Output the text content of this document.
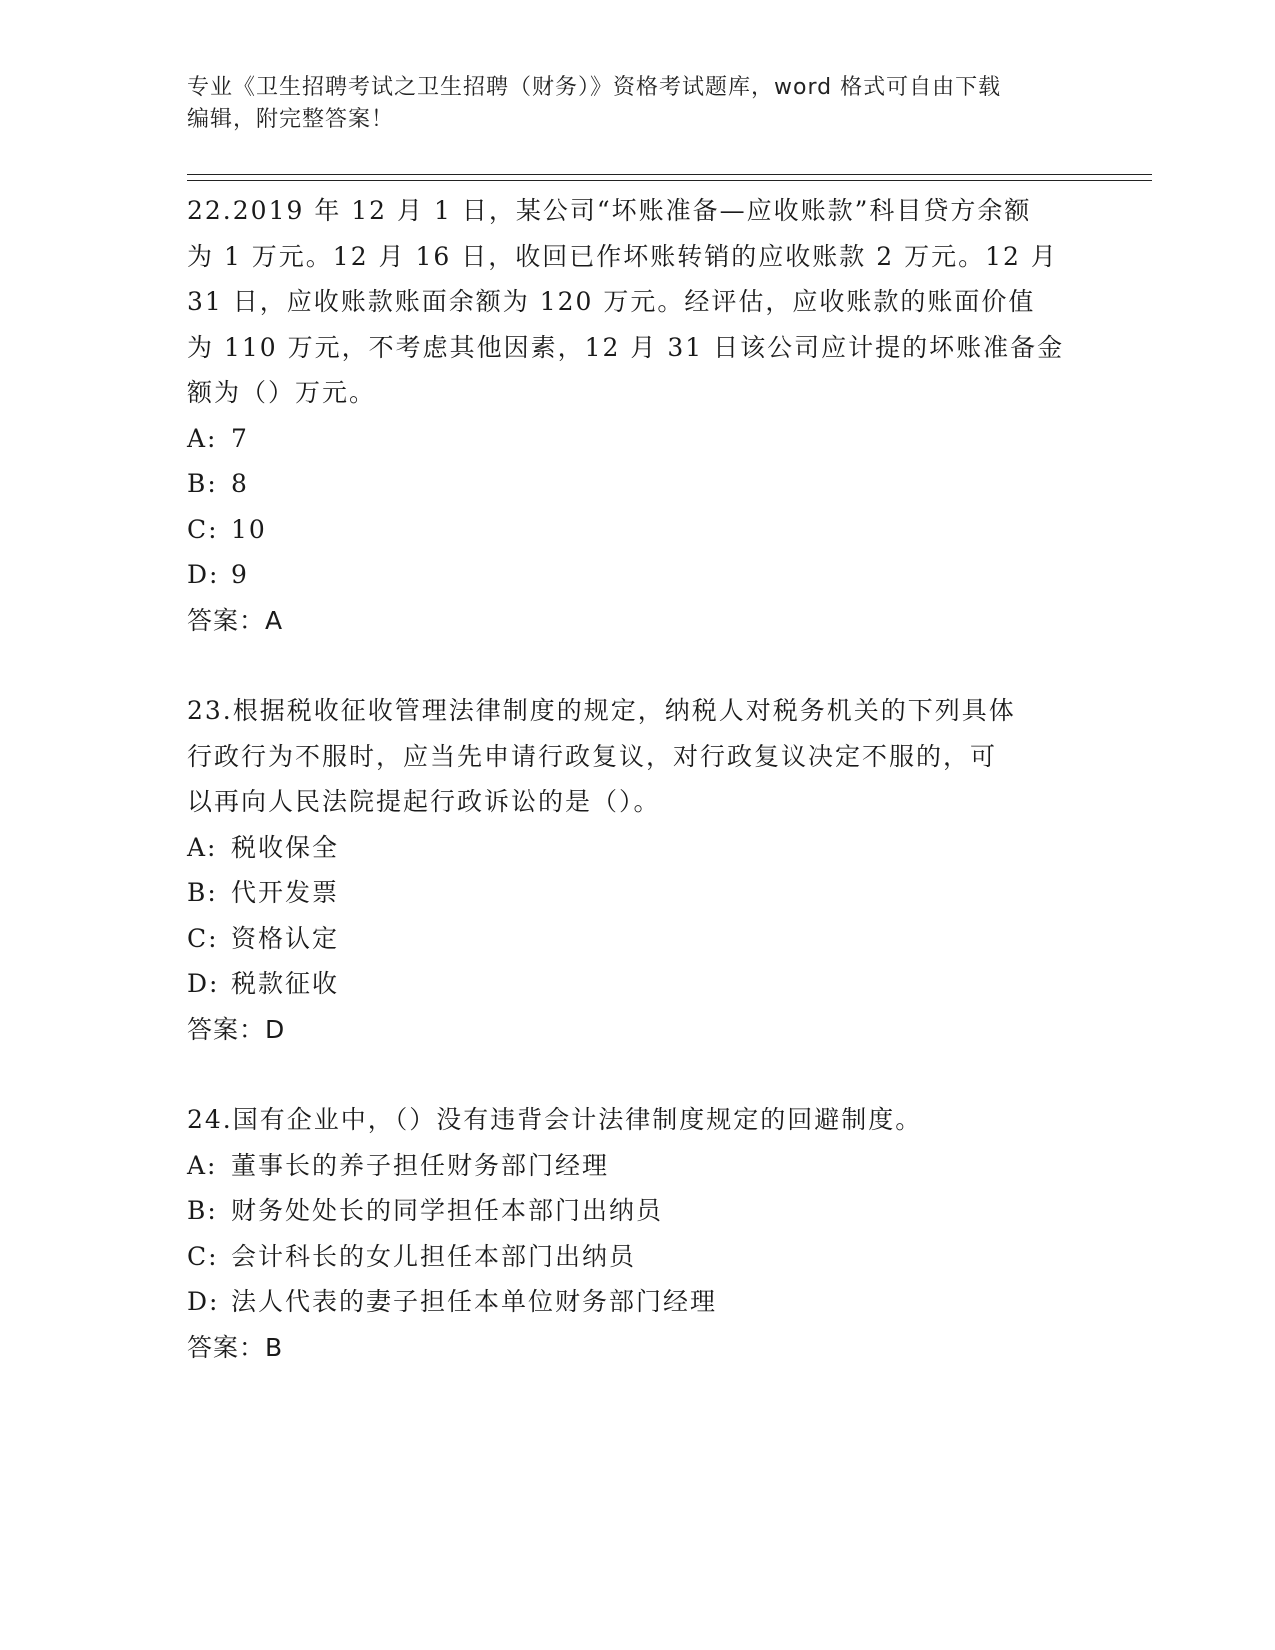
专业《卫生招聘考试之卫生招聘（财务）》资格考试题库，word 格式可自由下载
编辑，附完整答案！
22.2019 年 12 月 1 日，某公司“坏账准备—应收账款”科目贷方余额
为 1 万元。12 月 16 日，收回已作坏账转销的应收账款 2 万元。12 月
31 日，应收账款账面余额为 120 万元。经评估，应收账款的账面价值
为 110 万元，不考虑其他因素，12 月 31 日该公司应计提的坏账准备金
额为（）万元。
A: 7
B: 8
C: 10
D: 9
答案：A
23.根据税收征收管理法律制度的规定，纳税人对税务机关的下列具体
行政行为不服时，应当先申请行政复议，对行政复议决定不服的，可
以再向人民法院提起行政诉讼的是（）。
A: 税收保全
B: 代开发票
C: 资格认定
D: 税款征收
答案：D
24.国有企业中，（）没有违背会计法律制度规定的回避制度。
A: 董事长的养子担任财务部门经理
B: 财务处处长的同学担任本部门出纳员
C: 会计科长的女儿担任本部门出纳员
D: 法人代表的妻子担任本单位财务部门经理
答案：B
